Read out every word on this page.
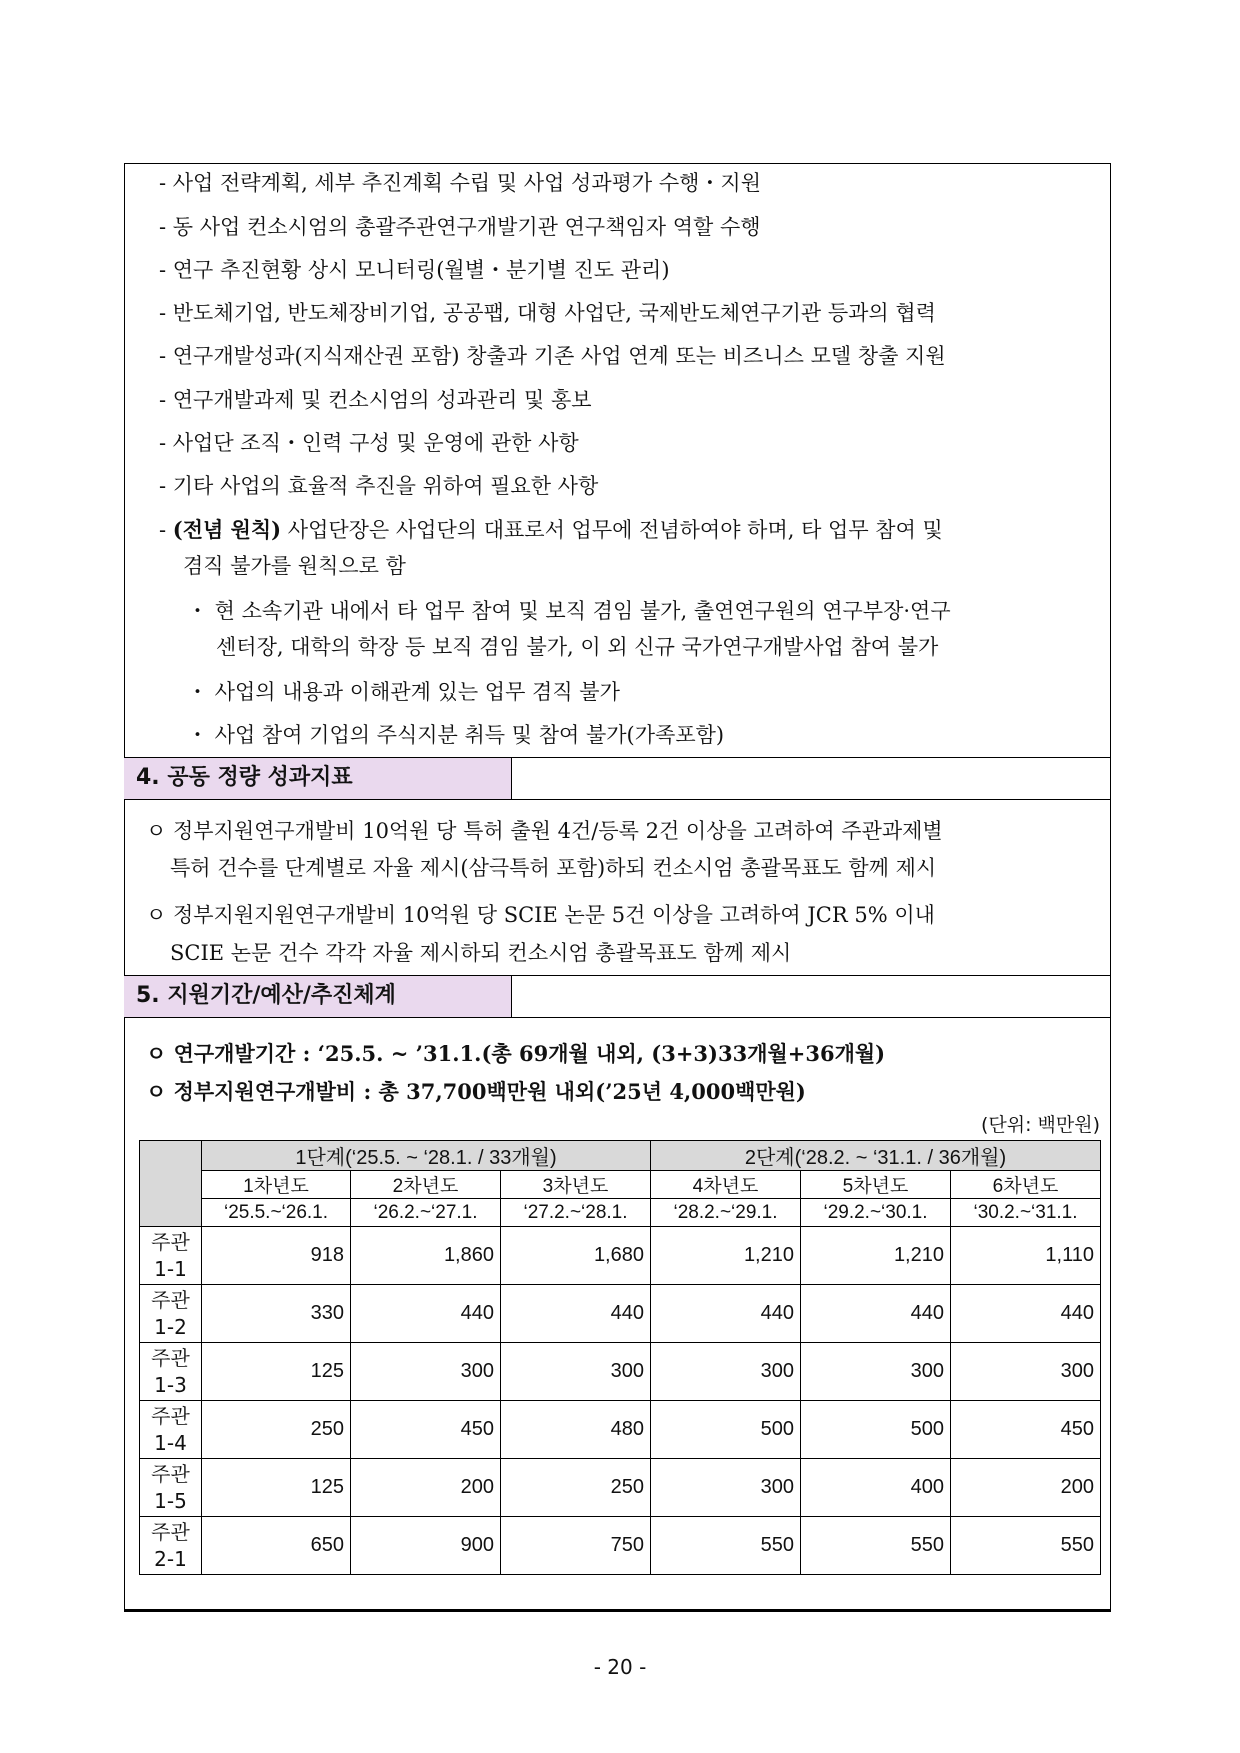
- 사업 전략계획, 세부 추진계획 수립 및 사업 성과평가 수행・지원
- 동 사업 컨소시엄의 총괄주관연구개발기관 연구책임자 역할 수행
- 연구 추진현황 상시 모니터링(월별・분기별 진도 관리)
- 반도체기업, 반도체장비기업, 공공팹, 대형 사업단, 국제반도체연구기관 등과의 협력
- 연구개발성과(지식재산권 포함) 창출과 기존 사업 연계 또는 비즈니스 모델 창출 지원
- 연구개발과제 및 컨소시엄의 성과관리 및 홍보
- 사업단 조직・인력 구성 및 운영에 관한 사항
- 기타 사업의 효율적 추진을 위하여 필요한 사항
- (전념 원칙) 사업단장은 사업단의 대표로서 업무에 전념하여야 하며, 타 업무 참여 및
겸직 불가를 원칙으로 함
・ 현 소속기관 내에서 타 업무 참여 및 보직 겸임 불가, 출연연구원의 연구부장·연구
센터장, 대학의 학장 등 보직 겸임 불가, 이 외 신규 국가연구개발사업 참여 불가
・ 사업의 내용과 이해관계 있는 업무 겸직 불가
・ 사업 참여 기업의 주식지분 취득 및 참여 불가(가족포함)
4. 공동 정량 성과지표
ㅇ 정부지원연구개발비 10억원 당 특허 출원 4건/등록 2건 이상을 고려하여 주관과제별
특허 건수를 단계별로 자율 제시(삼극특허 포함)하되 컨소시엄 총괄목표도 함께 제시
ㅇ 정부지원지원연구개발비 10억원 당 SCIE 논문 5건 이상을 고려하여 JCR 5% 이내
SCIE 논문 건수 각각 자율 제시하되 컨소시엄 총괄목표도 함께 제시
5. 지원기간/예산/추진체계
ㅇ 연구개발기간 : ‘25.5. ~ ’31.1.(총 69개월 내외, (3+3)33개월+36개월)
ㅇ 정부지원연구개발비 : 총 37,700백만원 내외(’25년 4,000백만원)
(단위: 백만원)
	1단계(‘25.5. ~ ‘28.1. / 33개월)			2단계(‘28.2. ~ ‘31.1. / 36개월)		
	1차년도	2차년도	3차년도	4차년도	5차년도	6차년도
	‘25.5.~‘26.1.	‘26.2.~‘27.1.	‘27.2.~‘28.1.	‘28.2.~‘29.1.	‘29.2.~‘30.1.	‘30.2.~‘31.1.

주관
1-1	918	1,860	1,680	1,210	1,210	1,110

주관
1-2	330	440	440	440	440	440

주관
1-3	125	300	300	300	300	300

주관
1-4	250	450	480	500	500	450

주관
1-5	125	200	250	300	400	200

주관
2-1	650	900	750	550	550	550
- 20 -
